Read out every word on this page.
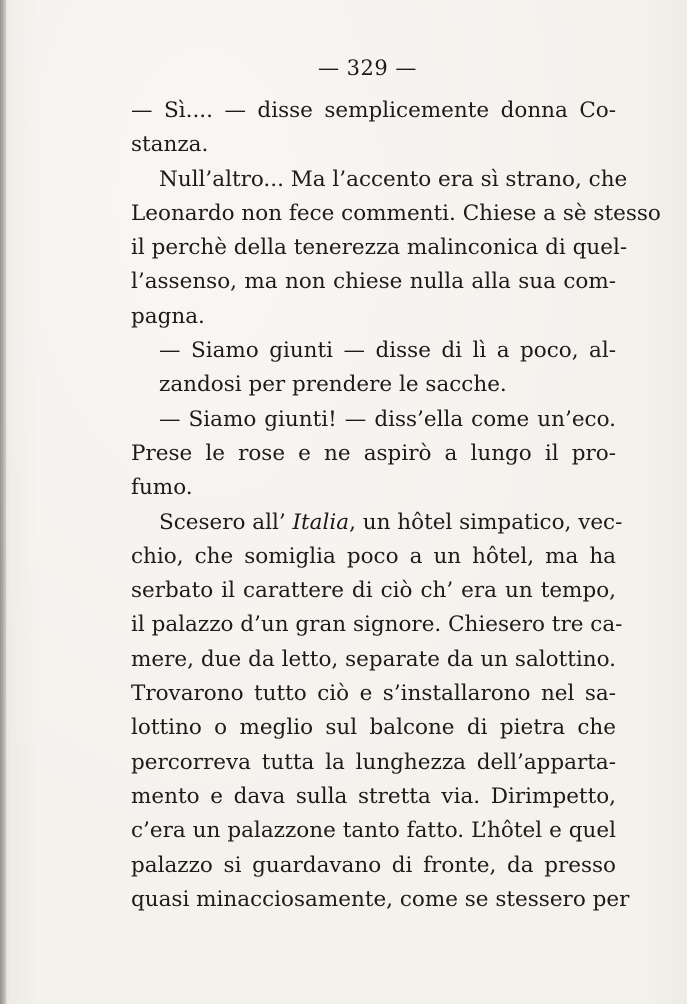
— 329 —
— Sì.... — disse semplicemente donna Co-
stanza.
Null’altro... Ma l’accento era sì strano, che
Leonardo non fece commenti. Chiese a sè stesso
il perchè della tenerezza malinconica di quel-
l’assenso, ma non chiese nulla alla sua com-
pagna.
— Siamo giunti — disse di lì a poco, al-
zandosi per prendere le sacche.
— Siamo giunti! — diss’ella come un’eco.
Prese le rose e ne aspirò a lungo il pro-
fumo.
Scesero all’ Italia, un hôtel simpatico, vec-
chio, che somiglia poco a un hôtel, ma ha
serbato il carattere di ciò ch’ era un tempo,
il palazzo d’un gran signore. Chiesero tre ca-
mere, due da letto, separate da un salottino.
Trovarono tutto ciò e s’installarono nel sa-
lottino o meglio sul balcone di pietra che
percorreva tutta la lunghezza dell’apparta-
mento e dava sulla stretta via. Dirimpetto,
c’era un palazzone tanto fatto. L’hôtel e quel
palazzo si guardavano di fronte, da presso
quasi minacciosamente, come se stessero per
